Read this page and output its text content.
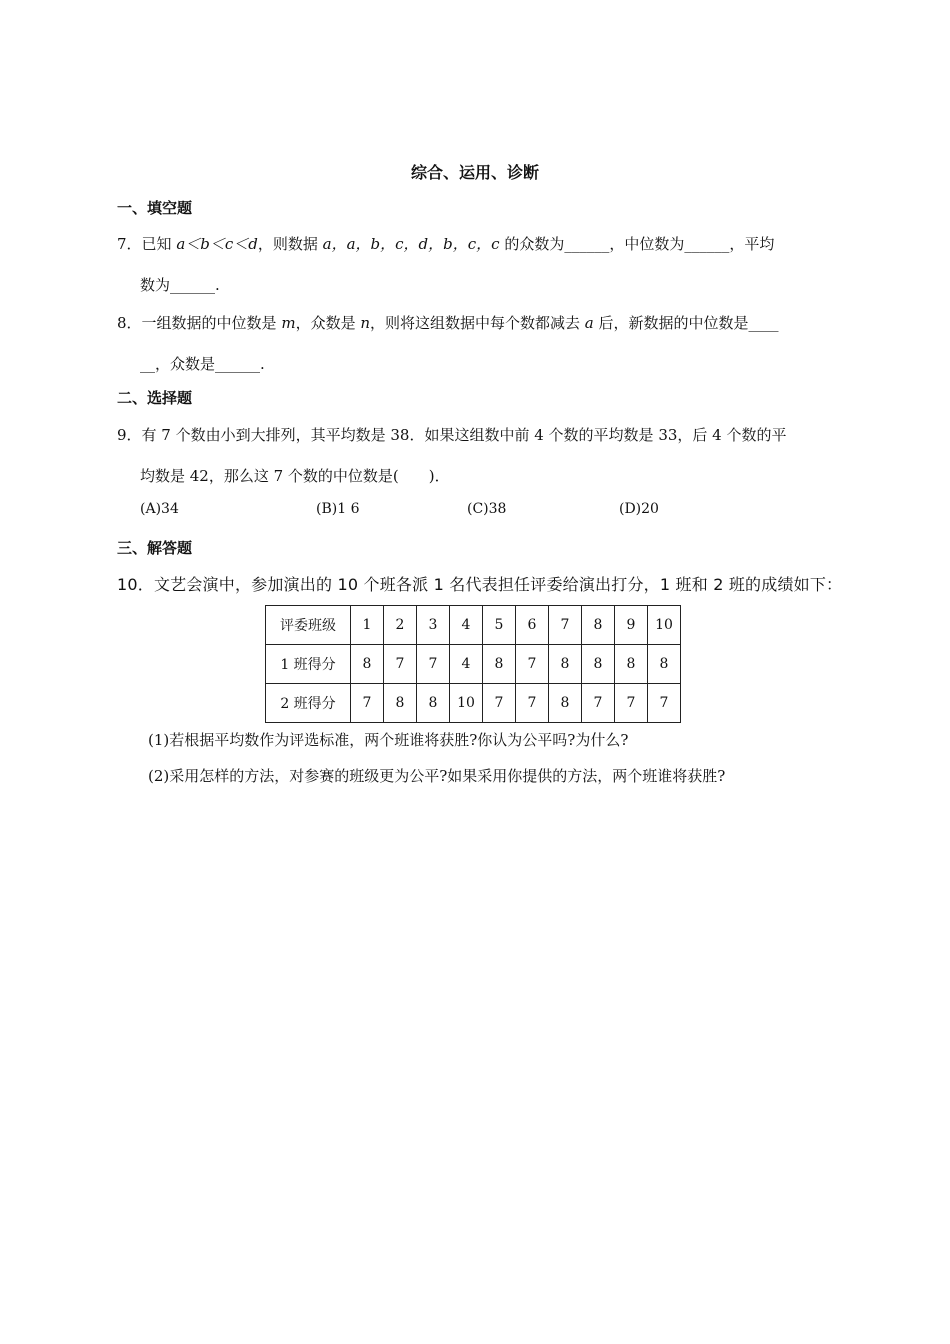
综合、运用、诊断
一、填空题
7．已知 a＜b＜c＜d，则数据 a，a，b，c，d，b，c，c 的众数为______，中位数为______，平均
数为______.
8．一组数据的中位数是 m，众数是 n，则将这组数据中每个数都减去 a 后，新数据的中位数是____
__，众数是______.
二、选择题
9．有 7 个数由小到大排列，其平均数是 38．如果这组数中前 4 个数的平均数是 33，后 4 个数的平
均数是 42，那么这 7 个数的中位数是(　　)．
(A)34	(B)1 6	(C)38	(D)20
三、解答题
10．文艺会演中，参加演出的 10 个班各派 1 名代表担任评委给演出打分，1 班和 2 班的成绩如下：
评委班级	1	2	3	4	5	6	7	8	9	10
1 班得分	8	7	7	4	8	7	8	8	8	8
2 班得分	7	8	8	10	7	7	8	7	7	7
(1)若根据平均数作为评选标准，两个班谁将获胜?你认为公平吗?为什么?
(2)采用怎样的方法，对参赛的班级更为公平?如果采用你提供的方法，两个班谁将获胜?
